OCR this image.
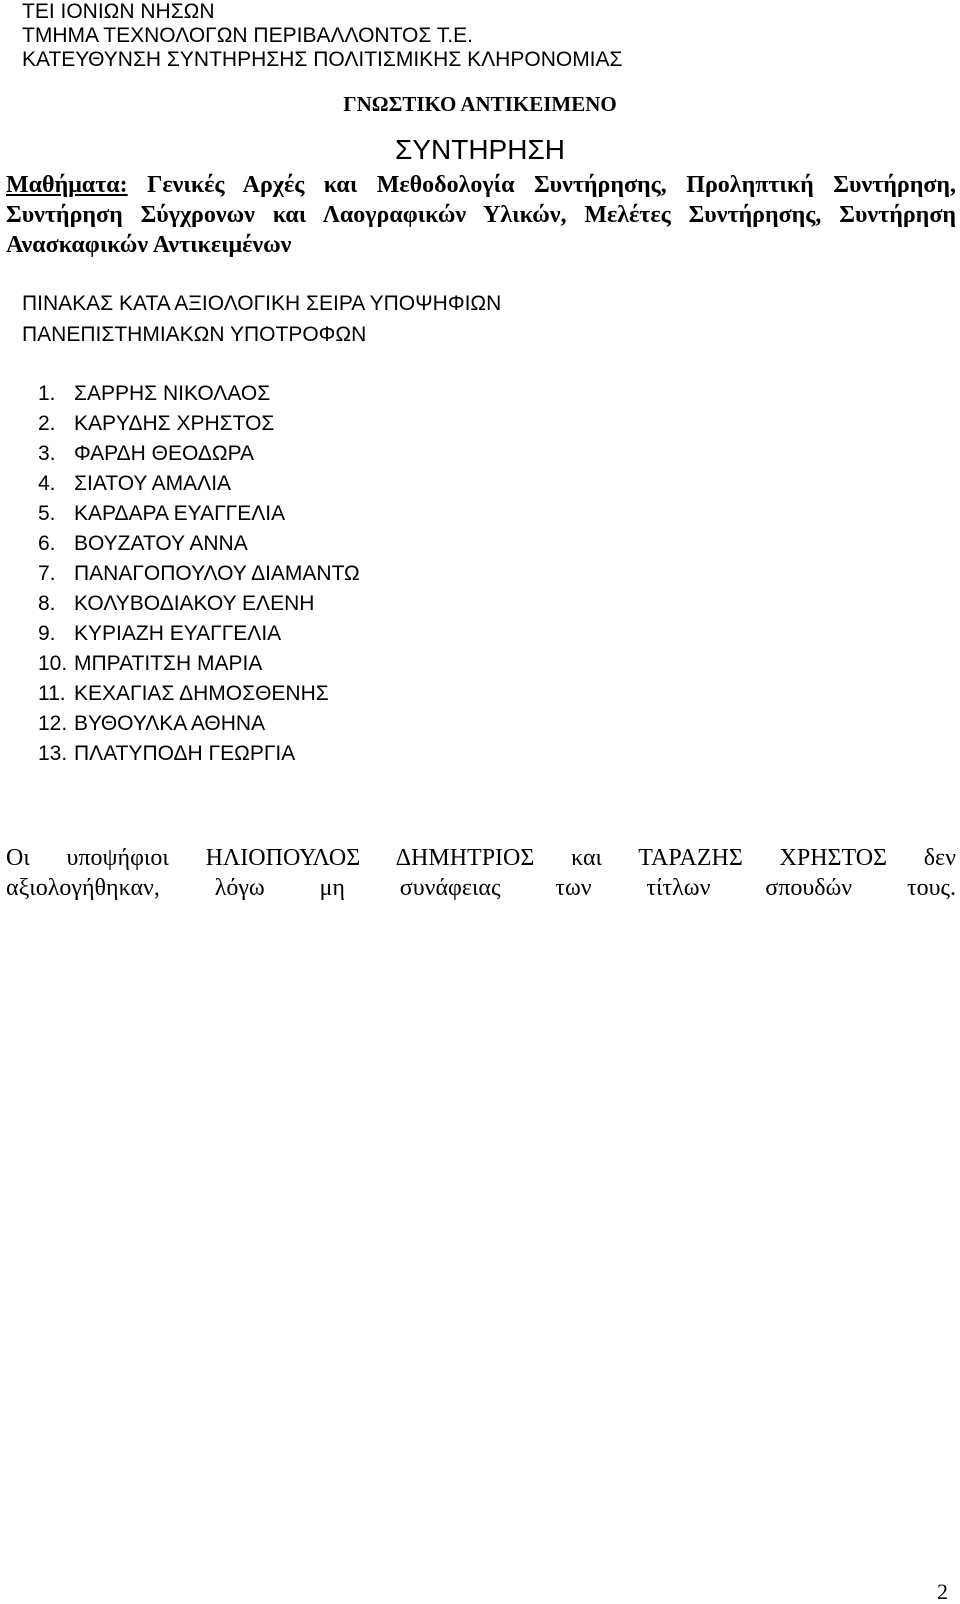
ΤΕΙ ΙΟΝΙΩΝ ΝΗΣΩΝ
ΤΜΗΜΑ ΤΕΧΝΟΛΟΓΩΝ ΠΕΡΙΒΑΛΛΟΝΤΟΣ Τ.Ε.
ΚΑΤΕΥΘΥΝΣΗ ΣΥΝΤΗΡΗΣΗΣ ΠΟΛΙΤΙΣΜΙΚΗΣ ΚΛΗΡΟΝΟΜΙΑΣ
ΓΝΩΣΤΙΚΟ ΑΝΤΙΚΕΙΜΕΝΟ
ΣΥΝΤΗΡΗΣΗ
Μαθήματα: Γενικές Αρχές και Μεθοδολογία Συντήρησης, Προληπτική Συντήρηση, Συντήρηση Σύγχρονων και Λαογραφικών Υλικών, Μελέτες Συντήρησης, Συντήρηση Ανασκαφικών Αντικειμένων
ΠΙΝΑΚΑΣ ΚΑΤΑ ΑΞΙΟΛΟΓΙΚΗ ΣΕΙΡΑ ΥΠΟΨΗΦΙΩΝ
ΠΑΝΕΠΙΣΤΗΜΙΑΚΩΝ ΥΠΟΤΡΟΦΩΝ
1. ΣΑΡΡΗΣ ΝΙΚΟΛΑΟΣ
2. ΚΑΡΥΔΗΣ ΧΡΗΣΤΟΣ
3. ΦΑΡΔΗ ΘΕΟΔΩΡΑ
4. ΣΙΑΤΟΥ ΑΜΑΛΙΑ
5. ΚΑΡΔΑΡΑ ΕΥΑΓΓΕΛΙΑ
6. ΒΟΥΖΑΤΟΥ ΑΝΝΑ
7. ΠΑΝΑΓΟΠΟΥΛΟΥ ΔΙΑΜΑΝΤΩ
8. ΚΟΛΥΒΟΔΙΑΚΟΥ ΕΛΕΝΗ
9. ΚΥΡΙΑΖΗ ΕΥΑΓΓΕΛΙΑ
10. ΜΠΡΑΤΙΤΣΗ ΜΑΡΙΑ
11. ΚΕΧΑΓΙΑΣ ΔΗΜΟΣΘΕΝΗΣ
12. ΒΥΘΟΥΛΚΑ ΑΘΗΝΑ
13. ΠΛΑΤΥΠΟΔΗ ΓΕΩΡΓΙΑ
Οι υποψήφιοι ΗΛΙΟΠΟΥΛΟΣ ΔΗΜΗΤΡΙΟΣ και ΤΑΡΑΖΗΣ ΧΡΗΣΤΟΣ δεν
αξιολογήθηκαν, λόγω μη συνάφειας των τίτλων σπουδών τους.
2
